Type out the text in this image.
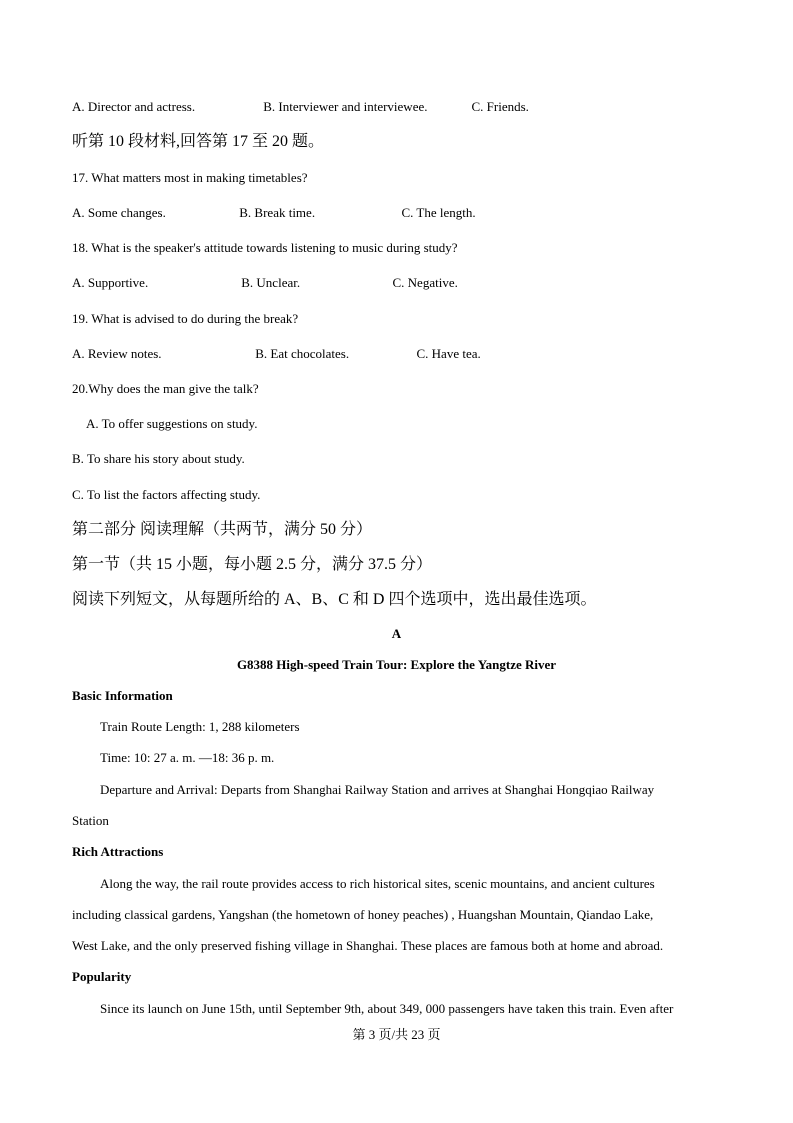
A. Director and actress.	B. Interviewer and interviewee.	C. Friends.
听第 10 段材料,回答第 17 至 20 题。
17. What matters most in making timetables?
A. Some changes.	B. Break time.	C. The length.
18. What is the speaker's attitude towards listening to music during study?
A. Supportive.	B. Unclear.	C. Negative.
19. What is advised to do during the break?
A. Review notes.	B. Eat chocolates.	C. Have tea.
20.Why does the man give the talk?
A. To offer suggestions on study.
B. To share his story about study.
C. To list the factors affecting study.
第二部分 阅读理解（共两节，满分 50 分）
第一节（共 15 小题，每小题 2.5 分，满分 37.5 分）
阅读下列短文，从每题所给的 A、B、C 和 D 四个选项中，选出最佳选项。
A
G8388 High-speed Train Tour: Explore the Yangtze River
Basic Information
Train Route Length: 1, 288 kilometers
Time: 10: 27 a. m. —18: 36 p. m.
Departure and Arrival: Departs from Shanghai Railway Station and arrives at Shanghai Hongqiao Railway
Station
Rich Attractions
Along the way, the rail route provides access to rich historical sites, scenic mountains, and ancient cultures
including classical gardens, Yangshan (the hometown of honey peaches) , Huangshan Mountain, Qiandao Lake,
West Lake, and the only preserved fishing village in Shanghai. These places are famous both at home and abroad.
Popularity
Since its launch on June 15th, until September 9th, about 349, 000 passengers have taken this train. Even after
第 3 页/共 23 页
